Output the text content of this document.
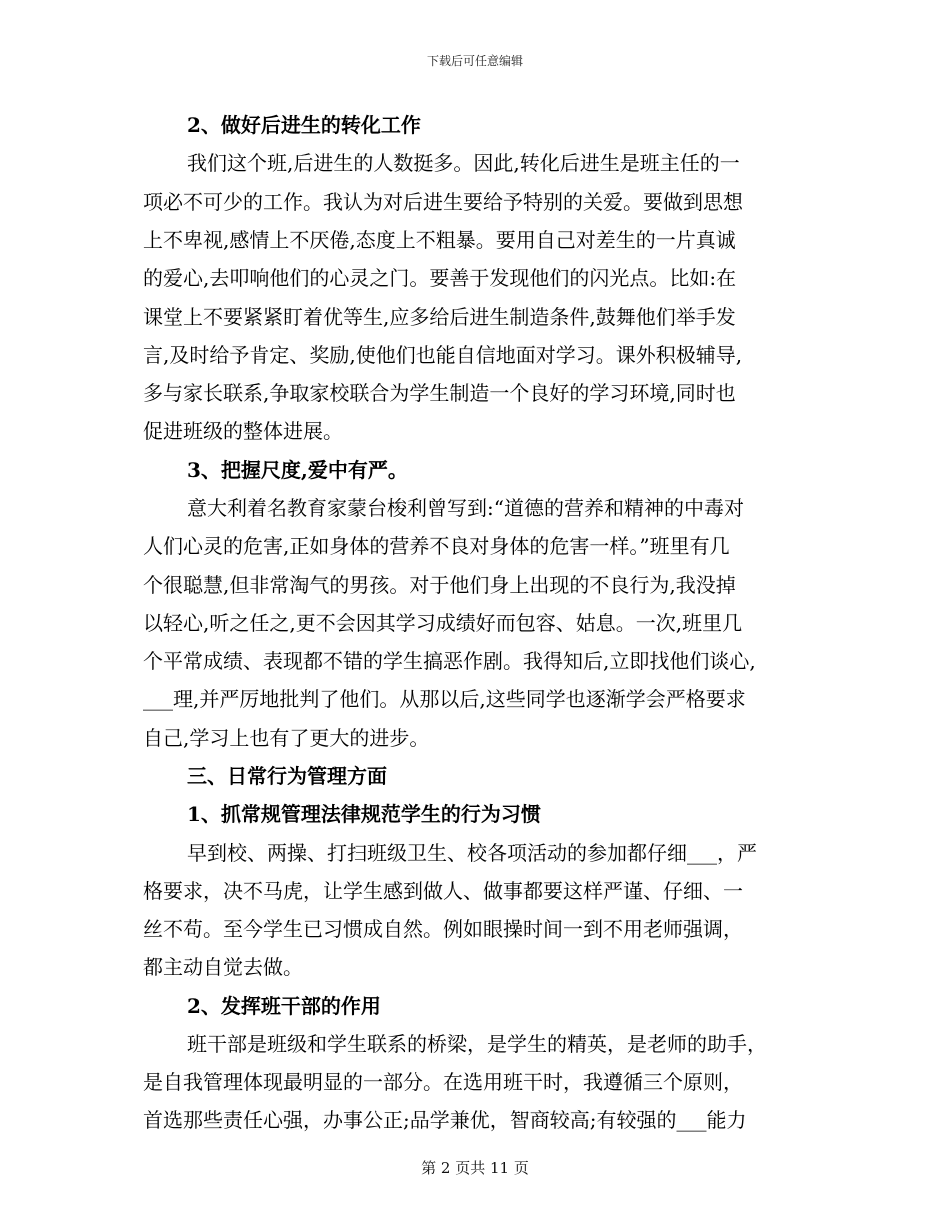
下载后可任意编辑
2、做好后进生的转化工作
我们这个班,后进生的人数挺多。因此,转化后进生是班主任的一
项必不可少的工作。我认为对后进生要给予特别的关爱。要做到思想
上不卑视,感情上不厌倦,态度上不粗暴。要用自己对差生的一片真诚
的爱心,去叩响他们的心灵之门。要善于发现他们的闪光点。比如:在
课堂上不要紧紧盯着优等生,应多给后进生制造条件,鼓舞他们举手发
言,及时给予肯定、奖励,使他们也能自信地面对学习。课外积极辅导,
多与家长联系,争取家校联合为学生制造一个良好的学习环境,同时也
促进班级的整体进展。
3、把握尺度,爱中有严。
意大利着名教育家蒙台梭利曾写到:“道德的营养和精神的中毒对
人们心灵的危害,正如身体的营养不良对身体的危害一样。”班里有几
个很聪慧,但非常淘气的男孩。对于他们身上出现的不良行为,我没掉
以轻心,听之任之,更不会因其学习成绩好而包容、姑息。一次,班里几
个平常成绩、表现都不错的学生搞恶作剧。我得知后,立即找他们谈心,
___理,并严厉地批判了他们。从那以后,这些同学也逐渐学会严格要求
自己,学习上也有了更大的进步。
三、日常行为管理方面
1、抓常规管理法律规范学生的行为习惯
早到校、两操、打扫班级卫生、校各项活动的参加都仔细___，严
格要求，决不马虎，让学生感到做人、做事都要这样严谨、仔细、一
丝不苟。至今学生已习惯成自然。例如眼操时间一到不用老师强调，
都主动自觉去做。
2、发挥班干部的作用
班干部是班级和学生联系的桥梁，是学生的精英，是老师的助手，
是自我管理体现最明显的一部分。在选用班干时，我遵循三个原则，
首选那些责任心强，办事公正;品学兼优，智商较高;有较强的___能力
第 2 页共 11 页
